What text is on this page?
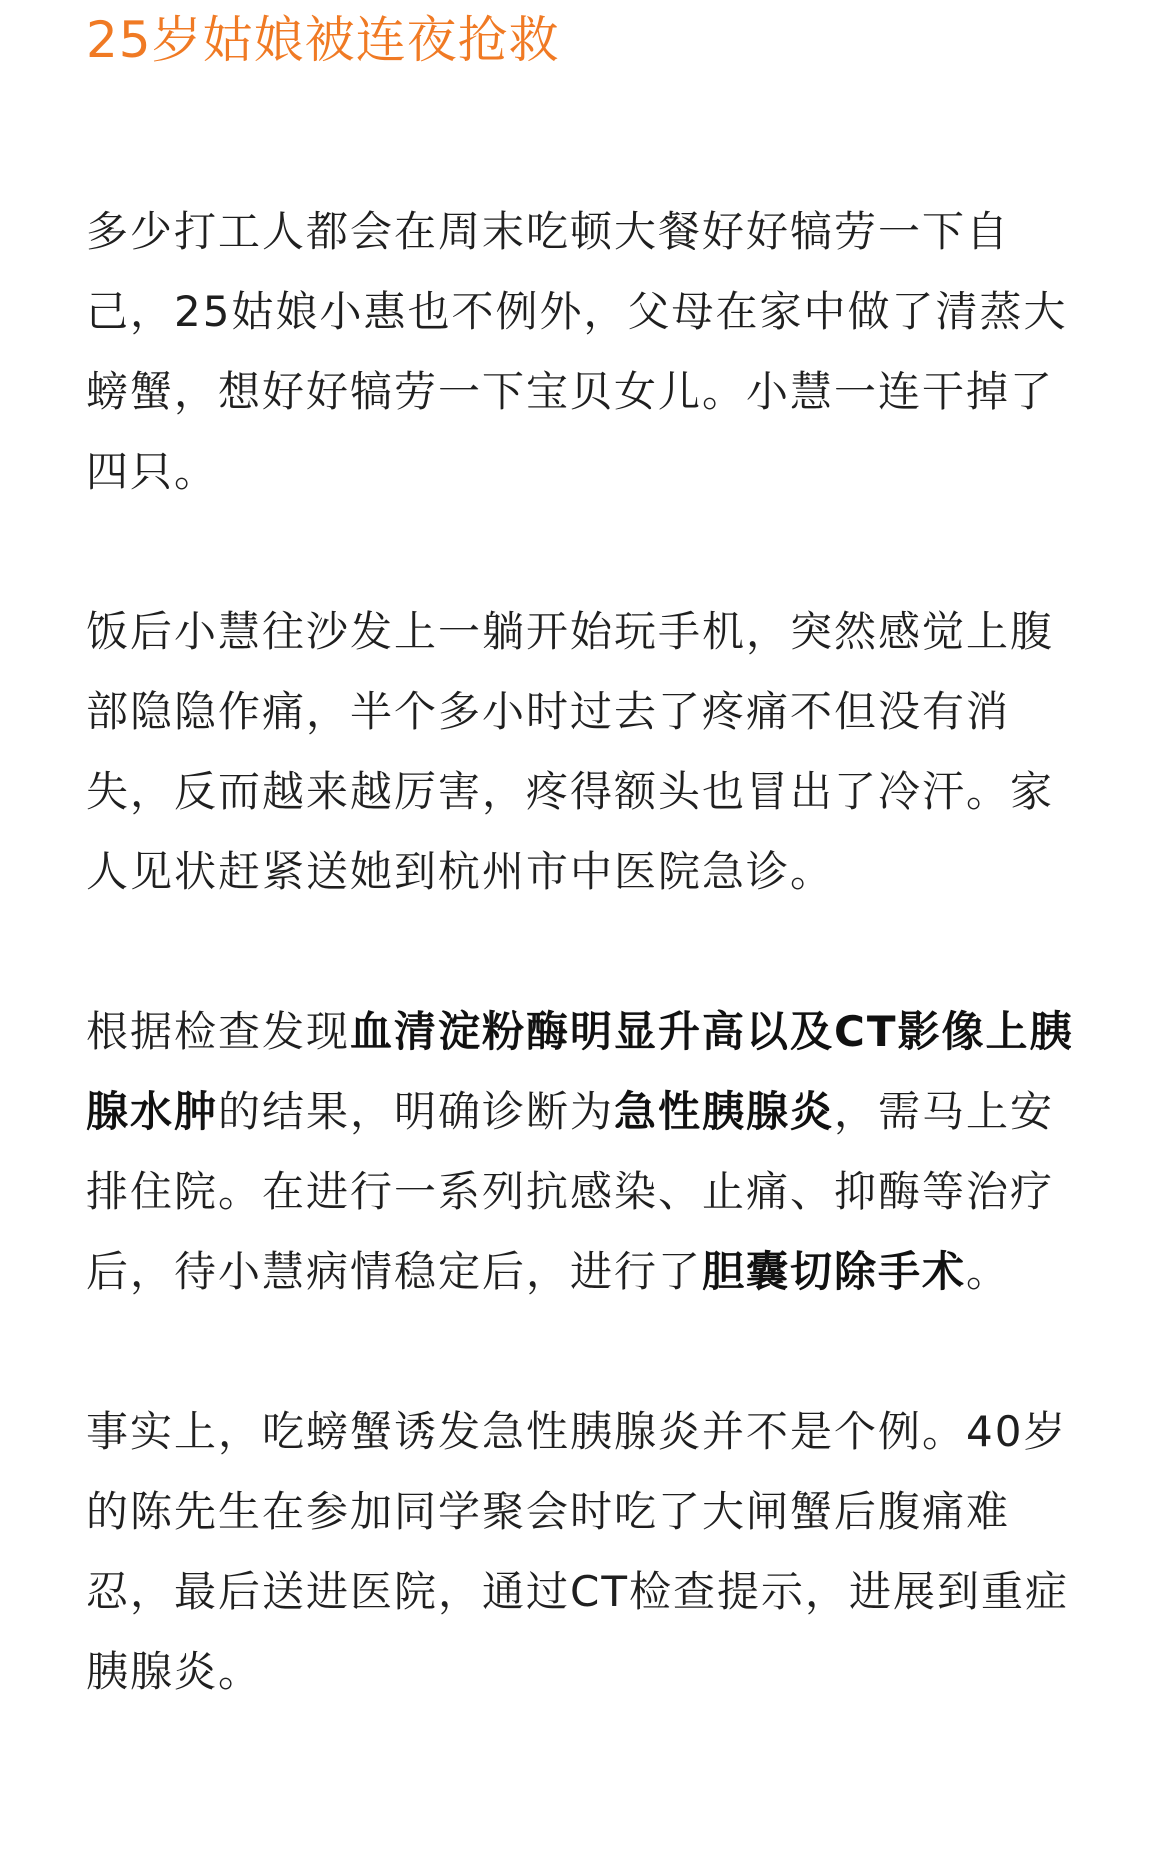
25岁姑娘被连夜抢救

多少打工人都会在周末吃顿大餐好好犒劳一下自己，25姑娘小惠也不例外，父母在家中做了清蒸大螃蟹，想好好犒劳一下宝贝女儿。小慧一连干掉了四只。

饭后小慧往沙发上一躺开始玩手机，突然感觉上腹部隐隐作痛，半个多小时过去了疼痛不但没有消失，反而越来越厉害，疼得额头也冒出了冷汗。家人见状赶紧送她到杭州市中医院急诊。

根据检查发现血清淀粉酶明显升高以及CT影像上胰腺水肿的结果，明确诊断为急性胰腺炎，需马上安排住院。在进行一系列抗感染、止痛、抑酶等治疗后，待小慧病情稳定后，进行了胆囊切除手术。

事实上，吃螃蟹诱发急性胰腺炎并不是个例。40岁的陈先生在参加同学聚会时吃了大闸蟹后腹痛难忍，最后送进医院，通过CT检查提示，进展到重症胰腺炎。
